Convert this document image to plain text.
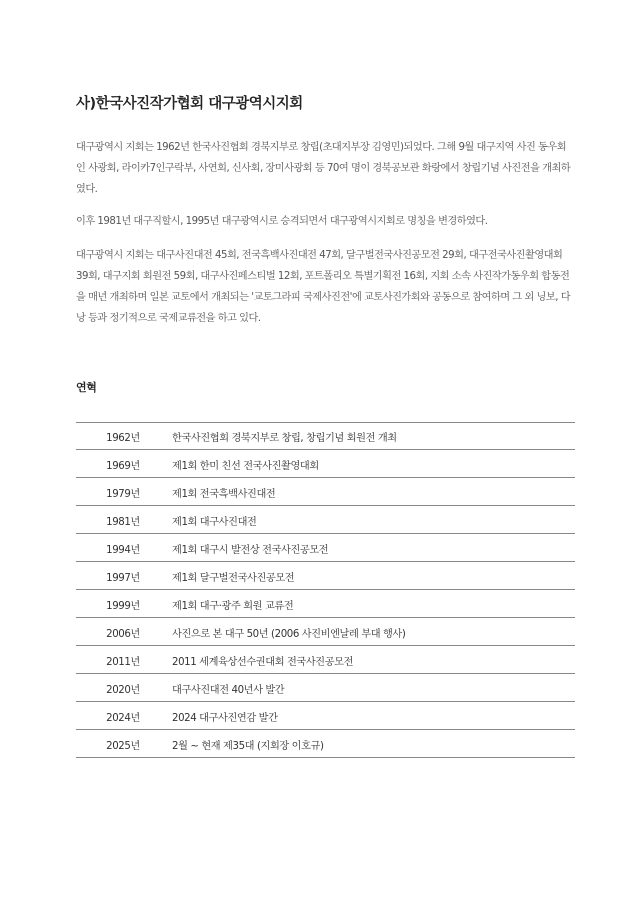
사)한국사진작가협회 대구광역시지회

대구광역시 지회는 1962년 한국사진협회 경북지부로 창립(초대지부장 김영민)되었다. 그해 9월 대구지역 사진 동우회인 사광회, 라이카7인구락부, 사연회, 신사회, 장미사광회 등 70여 명이 경북공보관 화랑에서 창립기념 사진전을 개최하였다.

이후 1981년 대구직할시, 1995년 대구광역시로 승격되면서 대구광역시지회로 명칭을 변경하였다.

대구광역시 지회는 대구사진대전 45회, 전국흑백사진대전 47회, 달구벌전국사진공모전 29회, 대구전국사진촬영대회 39회, 대구지회 회원전 59회, 대구사진페스티벌 12회, 포트폴리오 특별기획전 16회, 지회 소속 사진작가동우회 합동전을 매년 개최하며 일본 교토에서 개최되는 '교토그라피 국제사진전'에 교토사진가회와 공동으로 참여하며 그 외 닝보, 다낭 등과 정기적으로 국제교류전을 하고 있다.

연혁
1962년	한국사진협회 경북지부로 창립, 창립기념 회원전 개최
1969년	제1회 한미 친선 전국사진촬영대회
1979년	제1회 전국흑백사진대전
1981년	제1회 대구사진대전
1994년	제1회 대구시 발전상 전국사진공모전
1997년	제1회 달구벌전국사진공모전
1999년	제1회 대구·광주 회원 교류전
2006년	사진으로 본 대구 50년 (2006 사진비엔날레 부대 행사)
2011년	2011 세계육상선수권대회 전국사진공모전
2020년	대구사진대전 40년사 발간
2024년	2024 대구사진연감 발간
2025년	2월 ~ 현재 제35대 (지회장 이호규)
